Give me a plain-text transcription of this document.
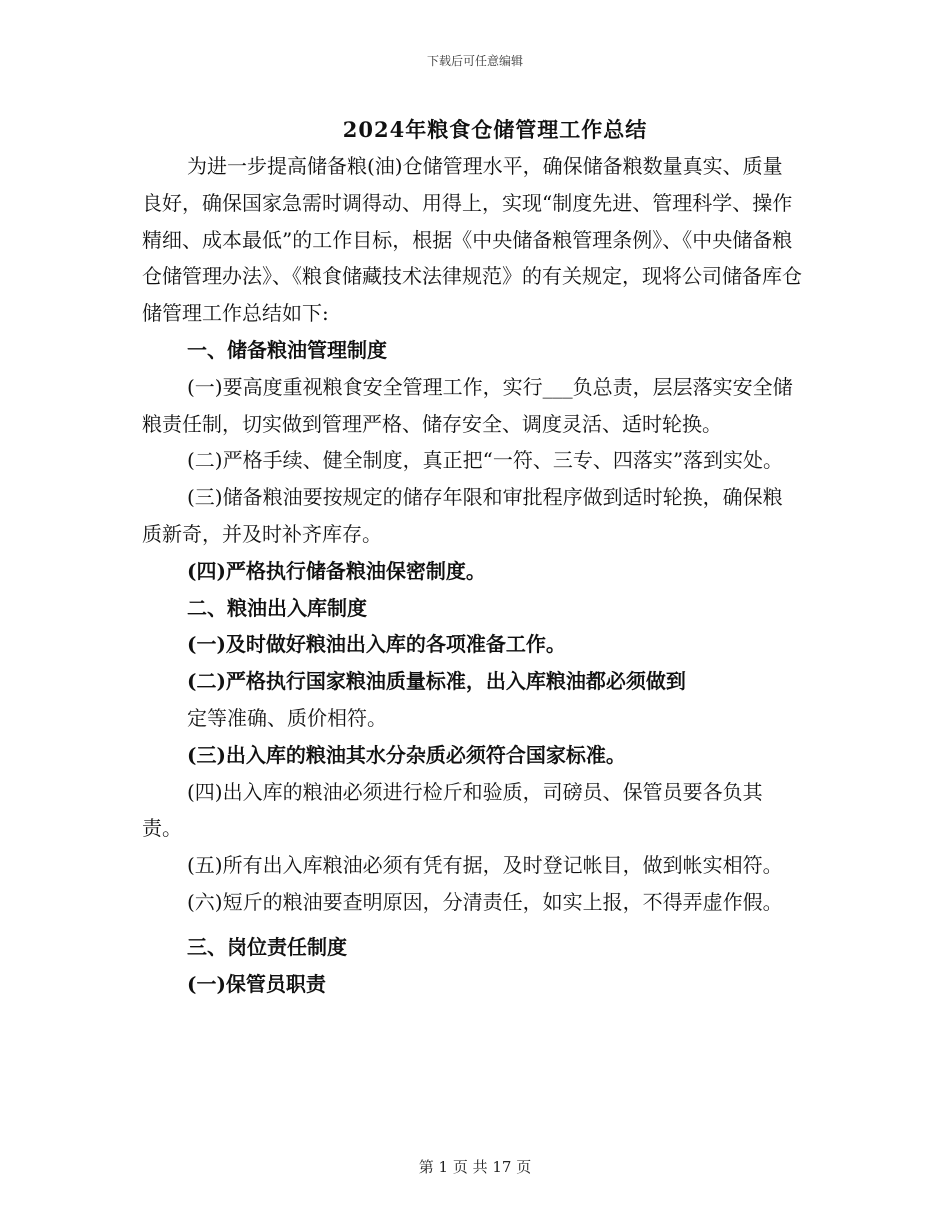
下载后可任意编辑
2024年粮食仓储管理工作总结

为进一步提高储备粮(油)仓储管理水平，确保储备粮数量真实、质量良好，确保国家急需时调得动、用得上，实现“制度先进、管理科学、操作精细、成本最低”的工作目标，根据《中央储备粮管理条例》、《中央储备粮仓储管理办法》、《粮食储藏技术法律规范》的有关规定，现将公司储备库仓储管理工作总结如下:

一、储备粮油管理制度

(一)要高度重视粮食安全管理工作，实行___负总责，层层落实安全储粮责任制，切实做到管理严格、储存安全、调度灵活、适时轮换。

(二)严格手续、健全制度，真正把“一符、三专、四落实”落到实处。

(三)储备粮油要按规定的储存年限和审批程序做到适时轮换，确保粮质新奇，并及时补齐库存。

(四)严格执行储备粮油保密制度。

二、粮油出入库制度

(一)及时做好粮油出入库的各项准备工作。

(二)严格执行国家粮油质量标准，出入库粮油都必须做到

定等准确、质价相符。

(三)出入库的粮油其水分杂质必须符合国家标准。

(四)出入库的粮油必须进行检斤和验质，司磅员、保管员要各负其责。

(五)所有出入库粮油必须有凭有据，及时登记帐目，做到帐实相符。

(六)短斤的粮油要查明原因，分清责任，如实上报，不得弄虚作假。

三、岗位责任制度

(一)保管员职责

第 1 页 共 17 页
